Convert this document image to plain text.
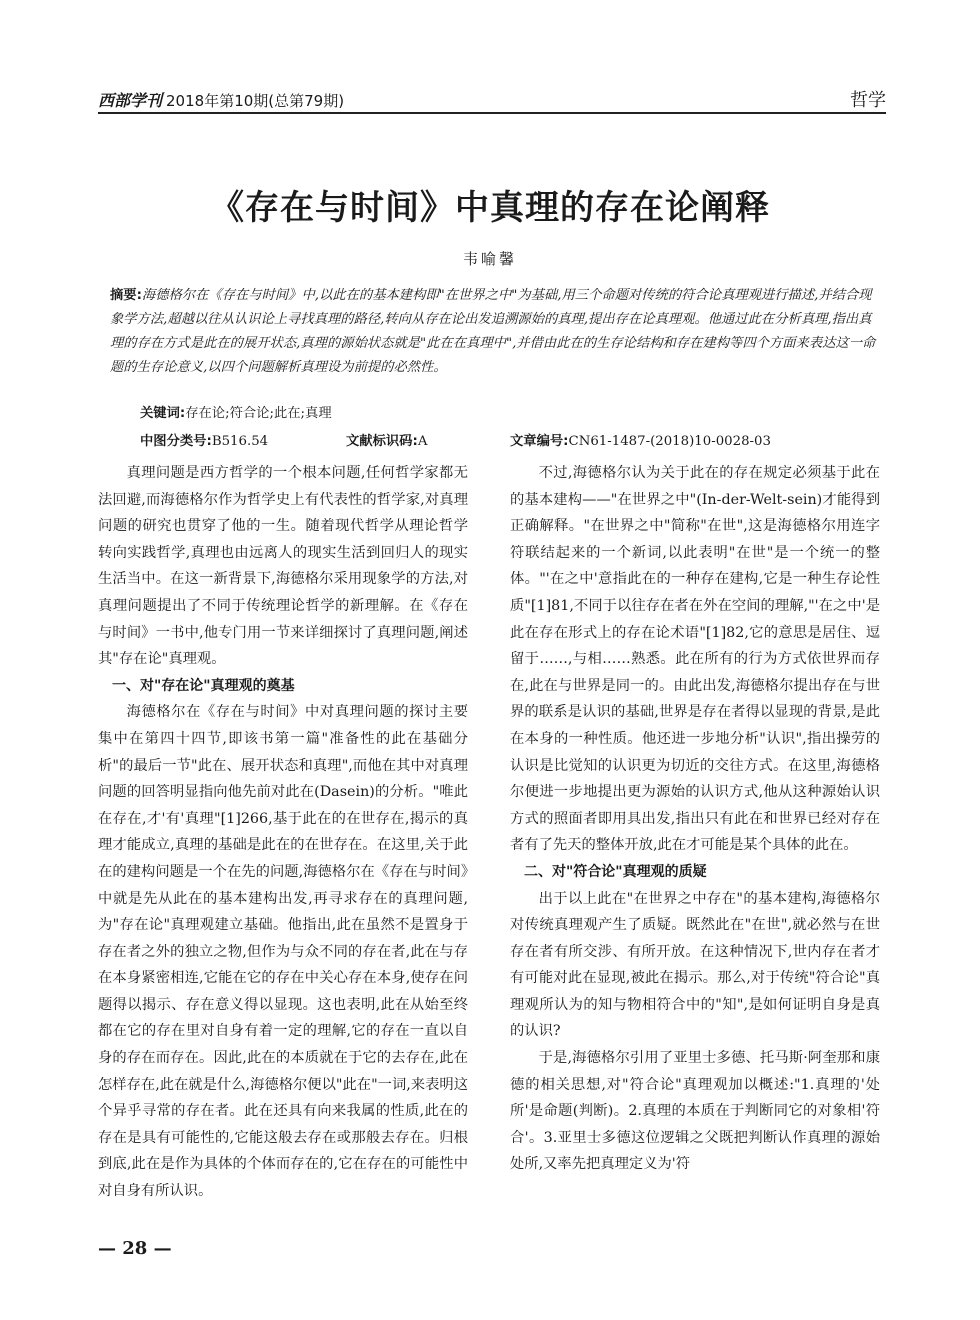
西部学刊 2018年第10期(总第79期)	哲学
《存在与时间》中真理的存在论阐释
韦喻馨
摘要:海德格尔在《存在与时间》中,以此在的基本建构即"在世界之中"为基础,用三个命题对传统的符合论真理观进行描述,并结合现象学方法,超越以往从认识论上寻找真理的路径,转向从存在论出发追溯源始的真理,提出存在论真理观。他通过此在分析真理,指出真理的存在方式是此在的展开状态,真理的源始状态就是"此在在真理中",并借由此在的生存论结构和存在建构等四个方面来表达这一命题的生存论意义,以四个问题解析真理设为前提的必然性。
关键词:存在论;符合论;此在;真理
中图分类号:B516.54	文献标识码:A	文章编号:CN61-1487-(2018)10-0028-03

真理问题是西方哲学的一个根本问题,任何哲学家都无法回避,而海德格尔作为哲学史上有代表性的哲学家,对真理问题的研究也贯穿了他的一生。随着现代哲学从理论哲学转向实践哲学,真理也由远离人的现实生活到回归人的现实生活当中。在这一新背景下,海德格尔采用现象学的方法,对真理问题提出了不同于传统理论哲学的新理解。在《存在与时间》一书中,他专门用一节来详细探讨了真理问题,阐述其"存在论"真理观。

一、对"存在论"真理观的奠基

海德格尔在《存在与时间》中对真理问题的探讨主要集中在第四十四节,即该书第一篇"准备性的此在基础分析"的最后一节"此在、展开状态和真理",而他在其中对真理问题的回答明显指向他先前对此在(Dasein)的分析。"唯此在存在,才'有'真理"[1]266,基于此在的在世存在,揭示的真理才能成立,真理的基础是此在的在世存在。在这里,关于此在的建构问题是一个在先的问题,海德格尔在《存在与时间》中就是先从此在的基本建构出发,再寻求存在的真理问题,为"存在论"真理观建立基础。他指出,此在虽然不是置身于存在者之外的独立之物,但作为与众不同的存在者,此在与存在本身紧密相连,它能在它的存在中关心存在本身,使存在问题得以揭示、存在意义得以显现。这也表明,此在从始至终都在它的存在里对自身有着一定的理解,它的存在一直以自身的存在而存在。因此,此在的本质就在于它的去存在,此在怎样存在,此在就是什么,海德格尔便以"此在"一词,来表明这个异乎寻常的存在者。此在还具有向来我属的性质,此在的存在是具有可能性的,它能这般去存在或那般去存在。归根到底,此在是作为具体的个体而存在的,它在存在的可能性中对自身有所认识。

不过,海德格尔认为关于此在的存在规定必须基于此在的基本建构——"在世界之中"(In-der-Welt-sein)才能得到正确解释。"在世界之中"简称"在世",这是海德格尔用连字符联结起来的一个新词,以此表明"在世"是一个统一的整体。"'在之中'意指此在的一种存在建构,它是一种生存论性质"[1]81,不同于以往存在者在外在空间的理解,"'在之中'是此在存在形式上的存在论术语"[1]82,它的意思是居住、逗留于……,与相……熟悉。此在所有的行为方式依世界而存在,此在与世界是同一的。由此出发,海德格尔提出存在与世界的联系是认识的基础,世界是存在者得以显现的背景,是此在本身的一种性质。他还进一步地分析"认识",指出操劳的认识是比觉知的认识更为切近的交往方式。在这里,海德格尔便进一步地提出更为源始的认识方式,他从这种源始认识方式的照面者即用具出发,指出只有此在和世界已经对存在者有了先天的整体开放,此在才可能是某个具体的此在。

二、对"符合论"真理观的质疑

出于以上此在"在世界之中存在"的基本建构,海德格尔对传统真理观产生了质疑。既然此在"在世",就必然与在世存在者有所交涉、有所开放。在这种情况下,世内存在者才有可能对此在显现,被此在揭示。那么,对于传统"符合论"真理观所认为的知与物相符合中的"知",是如何证明自身是真的认识?

于是,海德格尔引用了亚里士多德、托马斯·阿奎那和康德的相关思想,对"符合论"真理观加以概述:"1.真理的'处所'是命题(判断)。2.真理的本质在于判断同它的对象相'符合'。3.亚里士多德这位逻辑之父既把判断认作真理的源始处所,又率先把真理定义为'符

— 28 —
